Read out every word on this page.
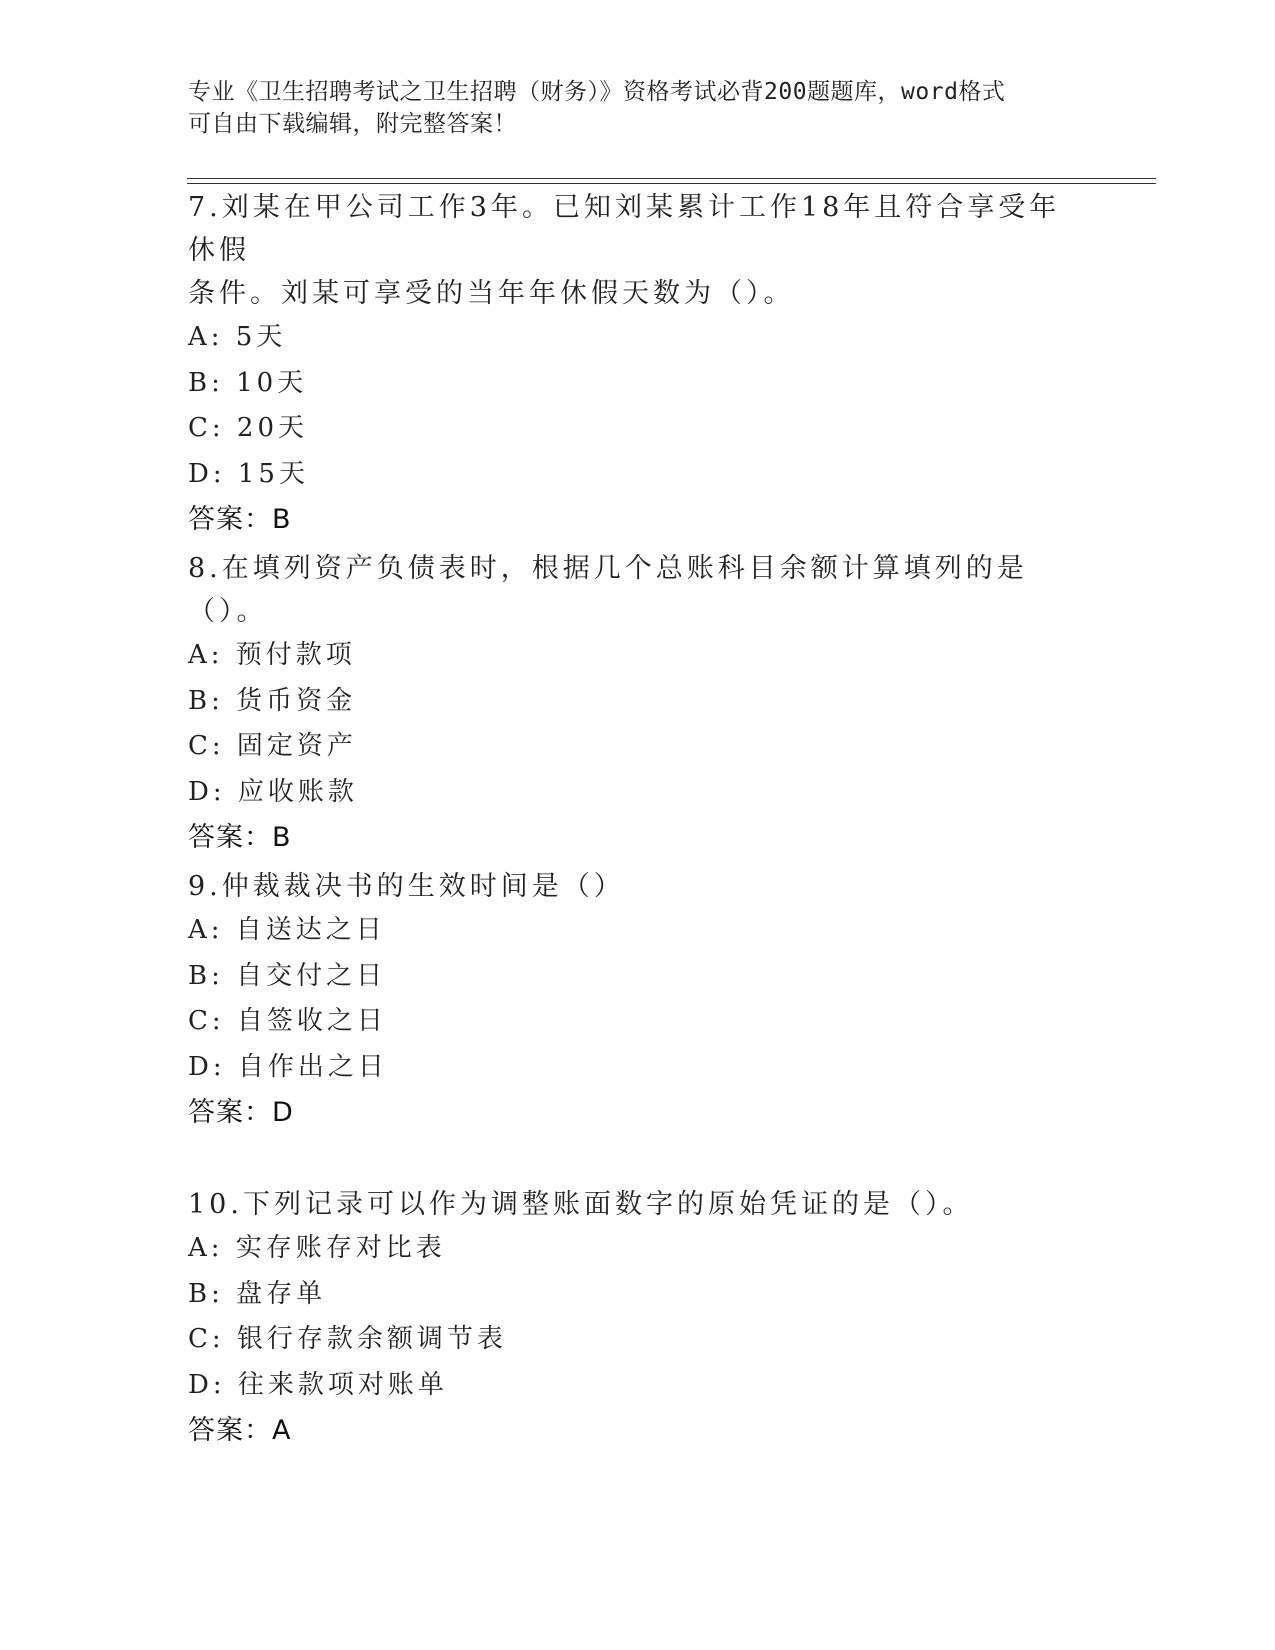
专业《卫生招聘考试之卫生招聘（财务）》资格考试必背200题题库，word格式
可自由下载编辑，附完整答案！

7.刘某在甲公司工作3年。已知刘某累计工作18年且符合享受年休假

条件。刘某可享受的当年年休假天数为（）。

A: 5天

B: 10天

C: 20天

D: 15天

答案：B

8.在填列资产负债表时，根据几个总账科目余额计算填列的是（）。

A: 预付款项

B: 货币资金

C: 固定资产

D: 应收账款

答案：B

9.仲裁裁决书的生效时间是（）

A: 自送达之日

B: 自交付之日

C: 自签收之日

D: 自作出之日

答案：D

10.下列记录可以作为调整账面数字的原始凭证的是（）。

A: 实存账存对比表

B: 盘存单

C: 银行存款余额调节表

D: 往来款项对账单

答案：A
